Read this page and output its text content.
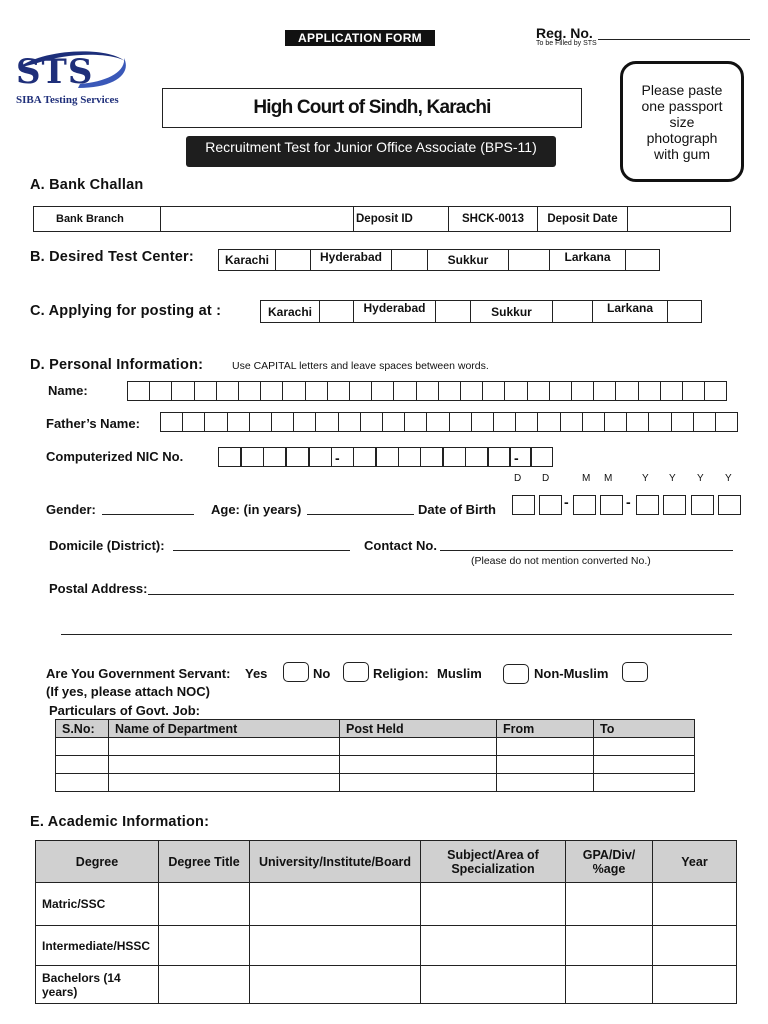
APPLICATION FORM	Reg. No.
To be Filled by STS
STS
SIBA Testing Services	High Court of Sindh, Karachi
Recruitment Test for Junior Office Associate (BPS-11)
Please paste one passport size photograph with gum
A. Bank Challan
Bank Branch	Deposit ID	SHCK-0013	Deposit Date
B. Desired Test Center:	Karachi	Hyderabad	Sukkur	Larkana
C. Applying for posting at :	Karachi	Hyderabad	Sukkur	Larkana
D. Personal Information:	Use CAPITAL letters and leave spaces between words.
Name:
Father’s Name:
Computerized NIC No.	-	-
D	D	M	M	Y	Y	Y	Y
Gender:	Age: (in years)	Date of Birth	-	-
Domicile (District):	Contact No.
(Please do not mention converted No.)
Postal Address:
Are You Government Servant: Yes	No	Religion: Muslim	Non-Muslim
(If yes, please attach NOC)
Particulars of Govt. Job:
S.No:	Name of Department	Post Held	From	To

E. Academic Information:
Degree	Degree Title	University/Institute/Board	Subject/Area of Specialization	GPA/Div/ %age	Year
Matric/SSC					
Intermediate/HSSC					
Bachelors (14 years)					
